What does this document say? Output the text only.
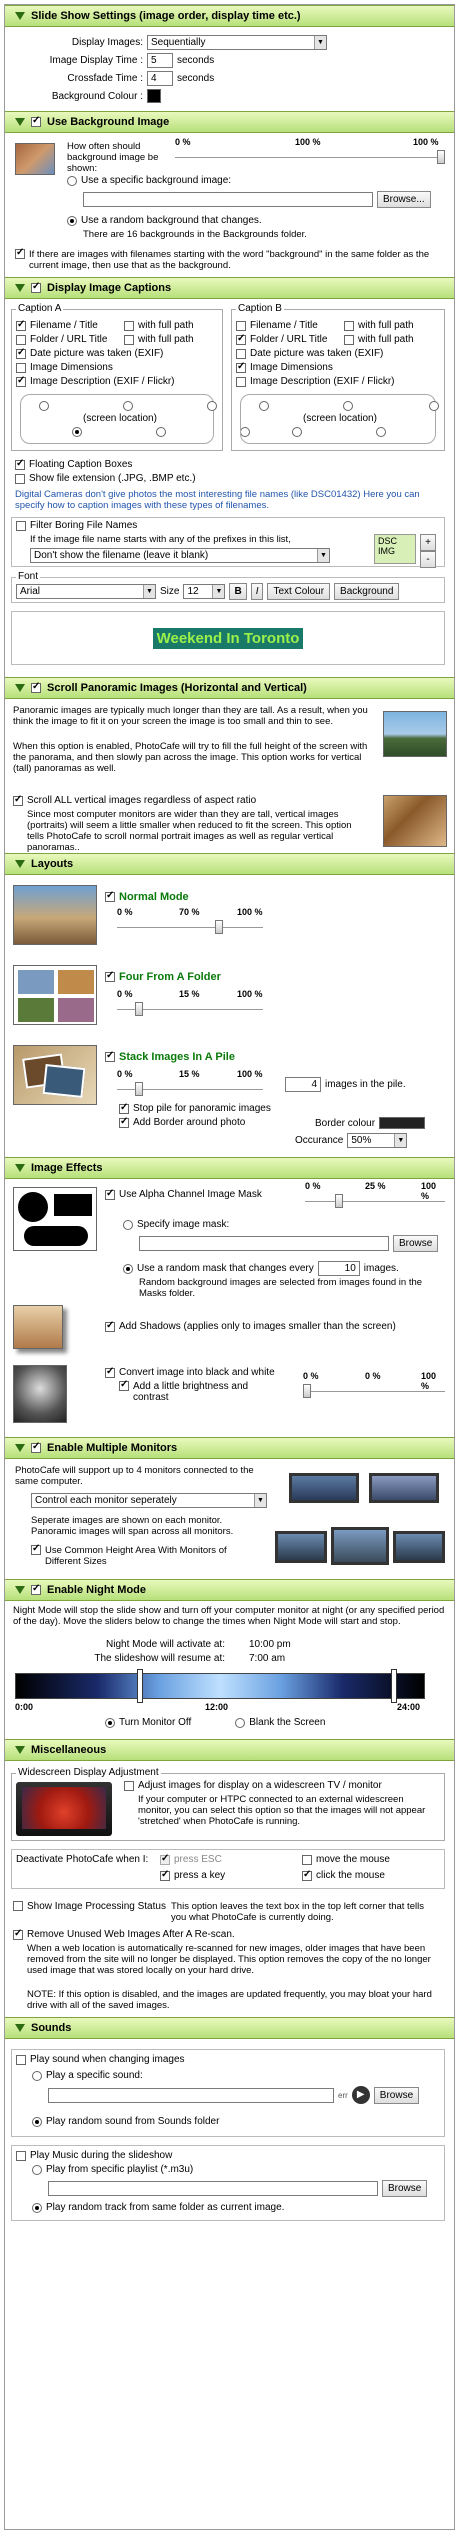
Slide Show Settings (image order, display time etc.)
Display Images: Sequentially	▼
Image Display Time : 5	seconds
Crossfade Time : 4	seconds
Background Colour :
✓
Use Background Image
How often should background image be shown:
0 %	100 %	100 %
Use a specific background image:
Browse...
Use a random background that changes.
There are 16 backgrounds in the Backgrounds folder.
✓
If there are images with filenames starting with the word "background" in the same folder as the current image, then use that as the background.
✓
Display Image Captions
Caption A
✓
Filename / Title	with full path
Folder / URL Title	with full path
✓
Date picture was taken (EXIF)
Image Dimensions
✓
Image Description (EXIF / Flickr)

(screen location)
Caption B
Filename / Title	with full path
✓
Folder / URL Title	with full path
Date picture was taken (EXIF)
✓
Image Dimensions
Image Description (EXIF / Flickr)

(screen location)
✓
Floating Caption Boxes
Show file extension (.JPG, .BMP etc.)
Digital Cameras don't give photos the most interesting file names (like DSC01432) Here you can specify how to caption images with these types of filenames.
Filter Boring File Names
If the image file name starts with any of the prefixes in this list,	DSC
IMG
+
-
Don't show the filename (leave it blank)	▼
Font
Arial	▼ Size 12	▼	B	I	Text Colour	Background
Weekend In Toronto
✓
Scroll Panoramic Images (Horizontal and Vertical)
Panoramic images are typically much longer than they are tall. As a result, when you think the image to fit it on your screen the image is too small and thin to see.
When this option is enabled, PhotoCafe will try to fill the full height of the screen with the panorama, and then slowly pan across the image. This option works for vertical (tall) panoramas as well.
✓
Scroll ALL vertical images regardless of aspect ratio
Since most computer monitors are wider than they are tall, vertical images (portraits) will seem a little smaller when reduced to fit the screen. This option tells PhotoCafe to scroll normal portrait images as well as regular vertical panoramas..
Layouts
✓
Normal Mode
0 %	70 %	100 %
✓
Four From A Folder
0 %	15 %	100 %
✓
Stack Images In A Pile
0 %	15 %	100 %
4 images in the pile.
✓
Stop pile for panoramic images
✓
Add Border around photo	Border colour
Occurance 50%	▼
Image Effects
✓
Use Alpha Channel Image Mask
0 %	25 %	100 %
Specify image mask:
Browse
Use a random mask that changes every	10 images.
Random background images are selected from images found in the Masks folder.
✓
Add Shadows (applies only to images smaller than the screen)
✓
Convert image into black and white
✓
Add a little brightness and contrast
0 %	0 %	100 %
✓
Enable Multiple Monitors
PhotoCafe will support up to 4 monitors connected to the same computer.
Control each monitor seperately	▼
Seperate images are shown on each monitor. Panoramic images will span across all monitors.
✓
Use Common Height Area With Monitors of Different Sizes
✓
Enable Night Mode
Night Mode will stop the slide show and turn off your computer monitor at night (or any specified period of the day). Move the sliders below to change the times when Night Mode will start and stop.
Night Mode will activate at: 10:00 pm
The slideshow will resume at: 7:00 am
0:00	12:00	24:00
Turn Monitor Off	Blank the Screen
Miscellaneous
Widescreen Display Adjustment
Adjust images for display on a widescreen TV / monitor
If your computer or HTPC connected to an external widescreen monitor, you can select this option so that the images will not appear 'stretched' when PhotoCafe is running.
Deactivate PhotoCafe when I: ✓	press ESC	move the mouse
✓
press a key ✓	click the mouse
Show Image Processing Status This option leaves the text box in the top left corner that tells you what PhotoCafe is currently doing.
✓
Remove Unused Web Images After A Re-scan.
When a web location is automatically re-scanned for new images, older images that have been removed from the site will no longer be displayed. This option removes the copy of the no longer used image that was stored locally on your hard drive.
NOTE: If this option is disabled, and the images are updated frequently, you may bloat your hard drive with all of the saved images.
Sounds
Play sound when changing images
Play a specific sound:
err ▶	Browse
Play random sound from Sounds folder
Play Music during the slideshow
Play from specific playlist (*.m3u)
Browse
Play random track from same folder as current image.
